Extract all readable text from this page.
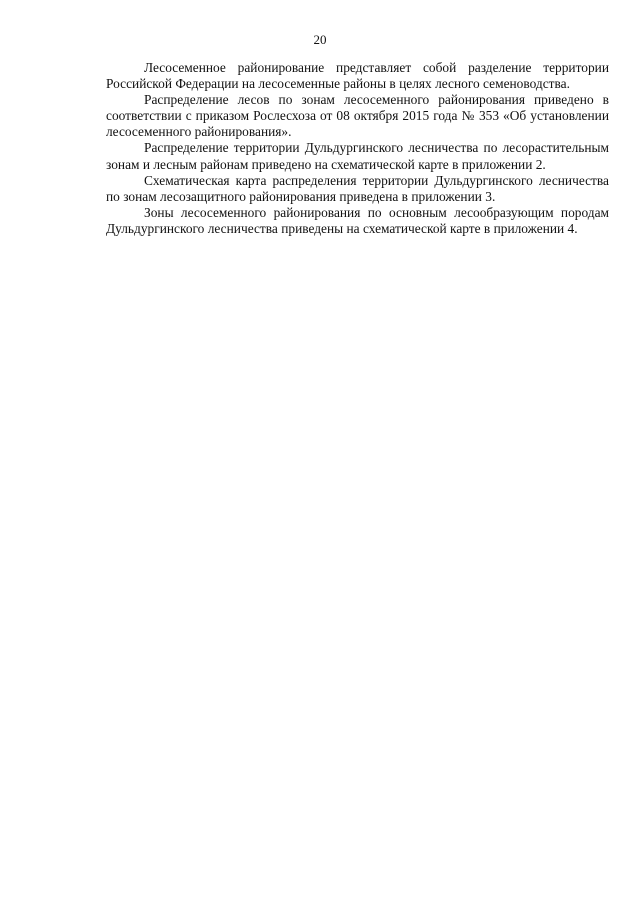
20

Лесосеменное районирование представляет собой разделение территории Российской Федерации на лесосеменные районы в целях лесного семеноводства.

Распределение лесов по зонам лесосеменного районирования приведено в соответствии с приказом Рослесхоза от 08 октября 2015 года № 353 «Об установлении лесосеменного районирования».

Распределение территории Дульдургинского лесничества по лесорастительным зонам и лесным районам приведено на схематической карте в приложении 2.

Схематическая карта распределения территории Дульдургинского лесничества по зонам лесозащитного районирования приведена в приложении 3.

Зоны лесосеменного районирования по основным лесообразующим породам Дульдургинского лесничества приведены на схематической карте в приложении 4.
